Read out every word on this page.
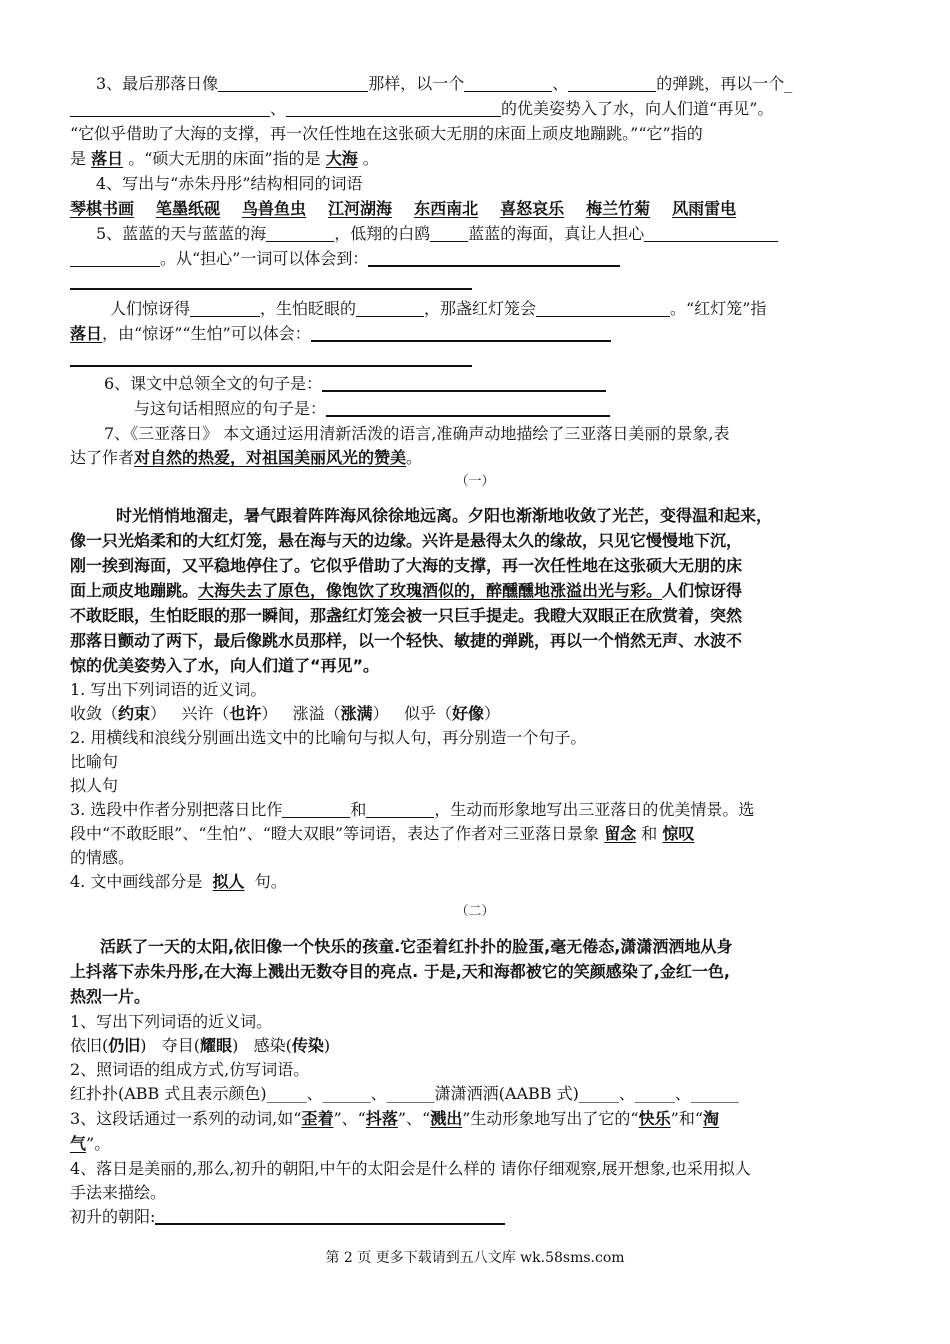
3、最后那落日像	那样，以一个	、	的弹跳，再以一个_
、	的优美姿势入了水，向人们道“再见”。
“它似乎借助了大海的支撑，再一次任性地在这张硕大无朋的床面上顽皮地蹦跳。”“它”指的
是 落日 。“硕大无朋的床面”指的是 大海 。
4、写出与“赤朱丹彤”结构相同的词语
琴棋书画 笔墨纸砚 鸟兽鱼虫 江河湖海 东西南北 喜怒哀乐 梅兰竹菊 风雨雷电
5、蓝蓝的天与蓝蓝的海	，低翔的白鸥 蓝蓝的海面，真让人担心
。从“担心”一词可以体会到：
人们惊讶得	，生怕眨眼的	，那盏红灯笼会	。“红灯笼”指
落日，由“惊讶”“生怕”可以体会：
6、课文中总领全文的句子是：
与这句话相照应的句子是：
7、《三亚落日》 本文通过运用清新活泼的语言,准确声动地描绘了三亚落日美丽的景象,表
达了作者对自然的热爱，对祖国美丽风光的赞美。
（一）
时光悄悄地溜走，暑气跟着阵阵海风徐徐地远离。夕阳也渐渐地收敛了光芒，变得温和起来，
像一只光焰柔和的大红灯笼，悬在海与天的边缘。兴许是悬得太久的缘故，只见它慢慢地下沉，
刚一挨到海面，又平稳地停住了。它似乎借助了大海的支撑，再一次任性地在这张硕大无朋的床
面上顽皮地蹦跳。大海失去了原色，像饱饮了玫瑰酒似的，醉醺醺地涨溢出光与彩。人们惊讶得
不敢眨眼，生怕眨眼的那一瞬间，那盏红灯笼会被一只巨手提走。我瞪大双眼正在欣赏着，突然
那落日颤动了两下，最后像跳水员那样，以一个轻快、敏捷的弹跳，再以一个悄然无声、水波不
惊的优美姿势入了水，向人们道了“再见”。
1. 写出下列词语的近义词。
收敛（约束）   兴许（也许）   涨溢（涨满）   似乎（好像）
2. 用横线和浪线分别画出选文中的比喻句与拟人句，再分别造一个句子。
比喻句
拟人句
3. 选段中作者分别把落日比作	和	，生动而形象地写出三亚落日的优美情景。选
段中“不敢眨眼”、“生怕”、“瞪大双眼”等词语，表达了作者对三亚落日景象 留念 和 惊叹
的情感。
4. 文中画线部分是 拟人 句。
（二）
活跃了一天的太阳,依旧像一个快乐的孩童.它歪着红扑扑的脸蛋,毫无倦态,潇潇洒洒地从身
上抖落下赤朱丹彤,在大海上溅出无数夺目的亮点. 于是,天和海都被它的笑颜感染了,金红一色,
热烈一片。
1、写出下列词语的近义词。
依旧(仍旧)   夺目(耀眼)   感染(传染)
2、照词语的组成方式,仿写词语。
红扑扑(ABB 式且表示颜色)_____、______、______潇潇洒洒(AABB 式)_____、_____、______
3、这段话通过一系列的动词,如“歪着”、“抖落”、“溅出”生动形象地写出了它的“快乐”和“淘
气”。
4、落日是美丽的,那么,初升的朝阳,中午的太阳会是什么样的 请你仔细观察,展开想象,也采用拟人
手法来描绘。
初升的朝阳:
第 2 页 更多下载请到五八文库 wk.58sms.com
